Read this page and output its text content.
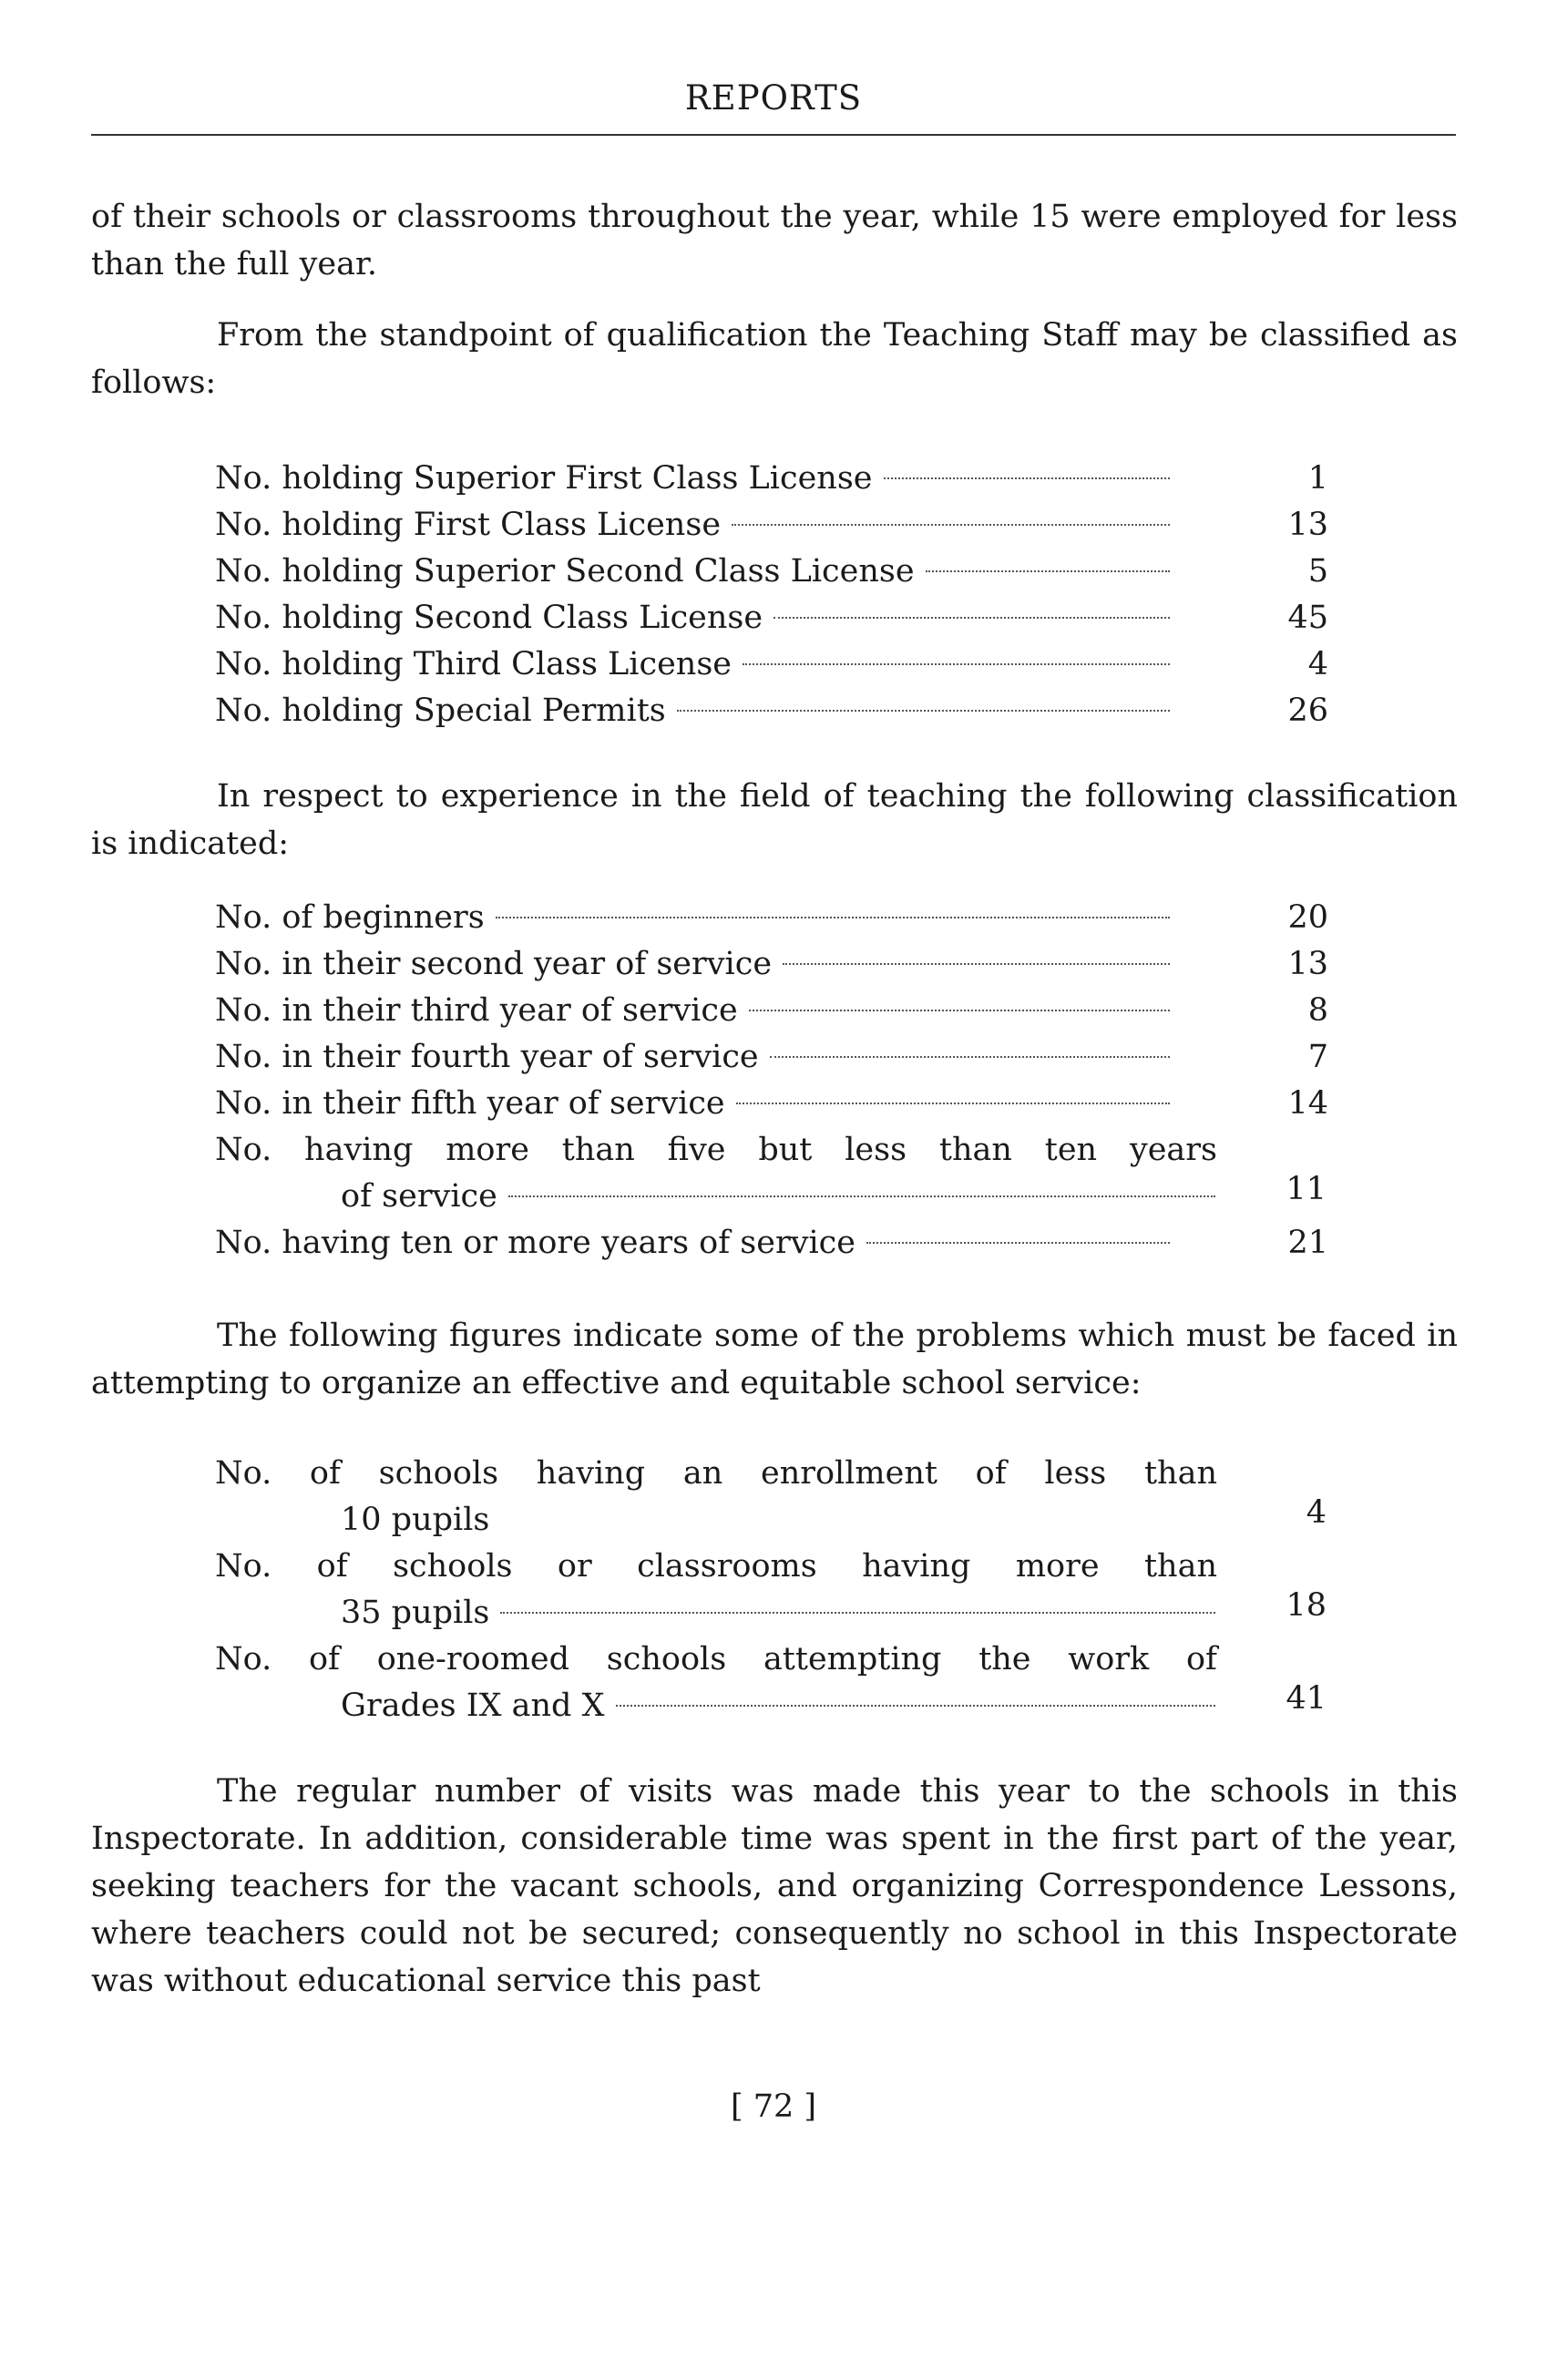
REPORTS
of their schools or classrooms throughout the year, while 15 were employed for less than the full year.
From the standpoint of qualification the Teaching Staff may be classified as follows:
No. holding Superior First Class License	1
No. holding First Class License	13
No. holding Superior Second Class License	5
No. holding Second Class License	45
No. holding Third Class License	4
No. holding Special Permits	26
In respect to experience in the field of teaching the following classification is indicated:
No. of beginners	20
No. in their second year of service	13
No. in their third year of service	8
No. in their fourth year of service	7
No. in their fifth year of service	14
No. having more than five but less than ten years
of service	11
No. having ten or more years of service	21
The following figures indicate some of the problems which must be faced in attempting to organize an effective and equitable school service:
No. of schools having an enrollment of less than
10 pupils	4
No. of schools or classrooms having more than
35 pupils	18
No. of one-roomed schools attempting the work of
Grades IX and X	41
The regular number of visits was made this year to the schools in this Inspectorate. In addition, considerable time was spent in the first part of the year, seeking teachers for the vacant schools, and organizing Correspondence Lessons, where teachers could not be secured; consequently no school in this Inspectorate was without educational service this past
[ 72 ]
